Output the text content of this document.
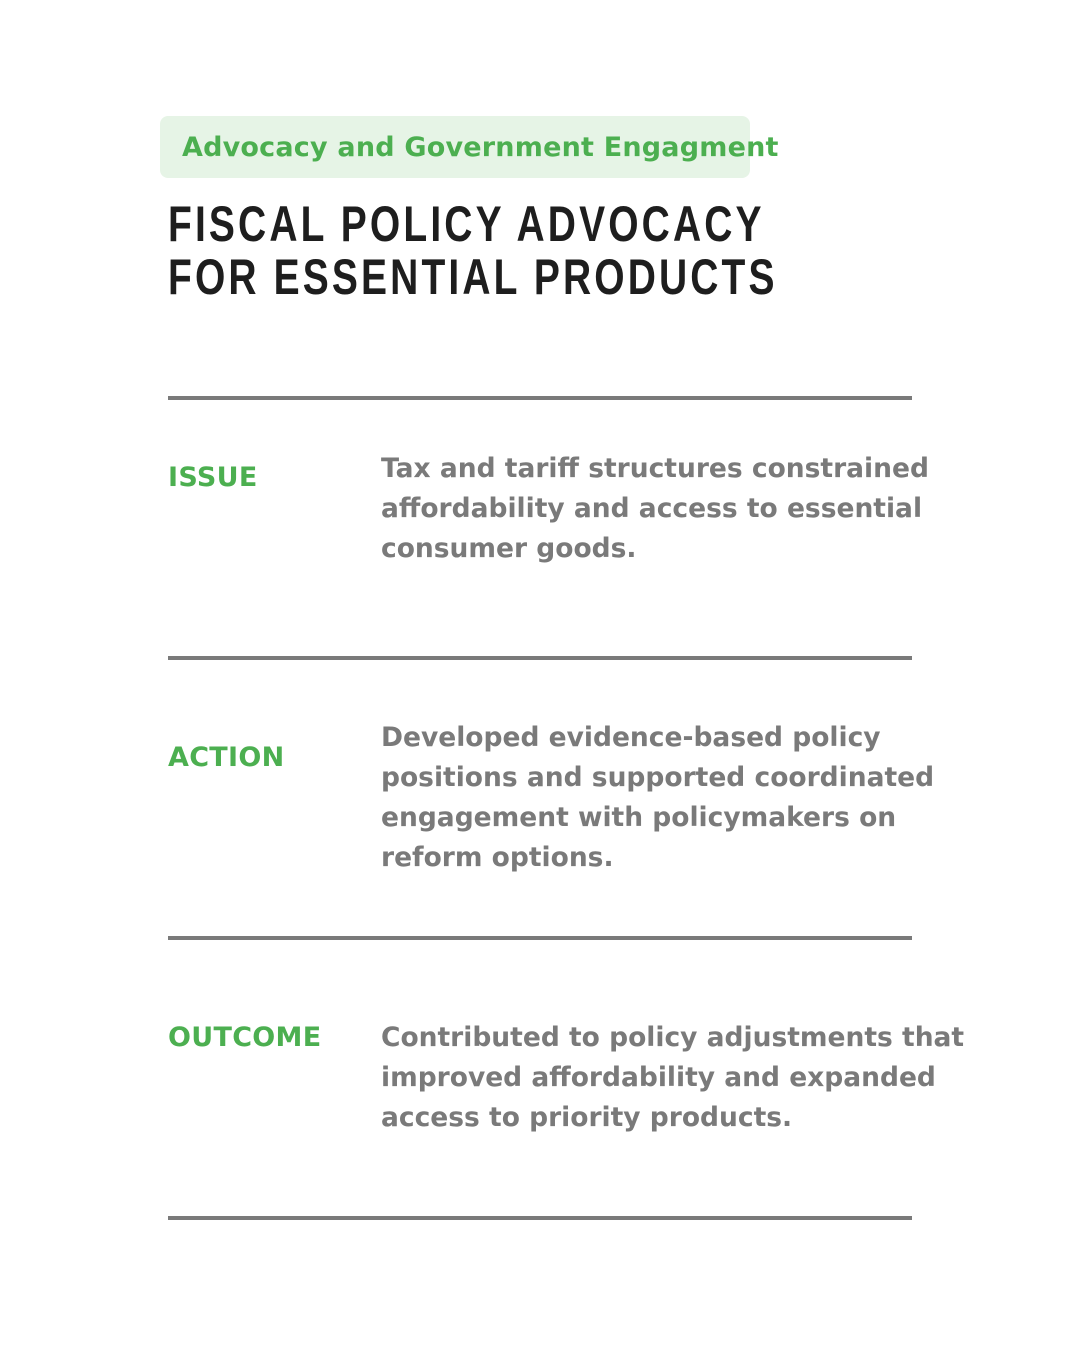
Advocacy and Government Engagment
FISCAL POLICY ADVOCACY FOR ESSENTIAL PRODUCTS
ISSUE	Tax and tariff structures constrained affordability and access to essential consumer goods.

ACTION

Developed evidence-based policy positions and supported coordinated engagement with policymakers on reform options.

OUTCOME Contributed to policy adjustments that improved affordability and expanded access to priority products.
